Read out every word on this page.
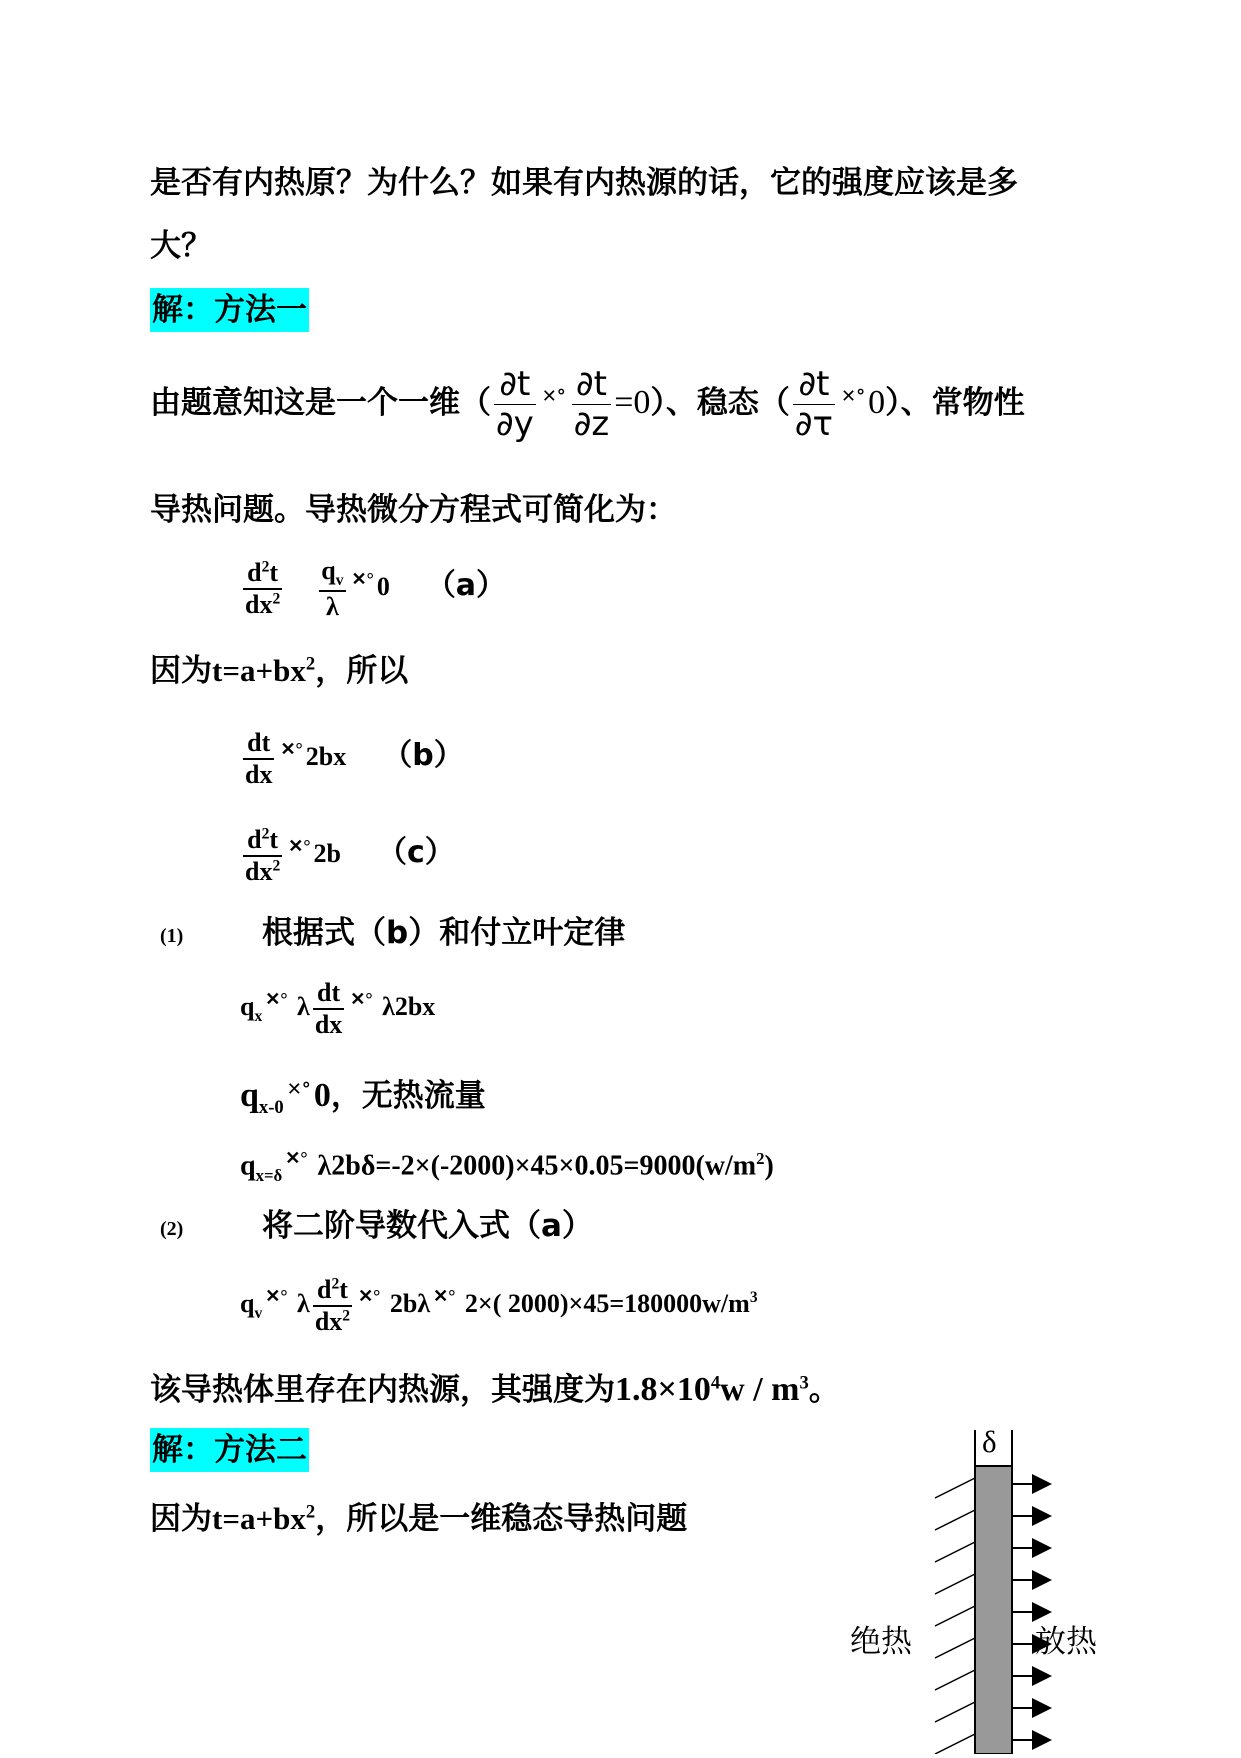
是否有内热原？为什么？如果有内热源的话，它的强度应该是多
大？
解：方法一
由题意知这是一个一维（ $\frac{\partial t}{\partial y} ^{✕^\circ} \frac{\partial t}{\partial z} =0$）、稳态（ $\frac{\partial t}{\partial\tau} ^{✕^\circ}0$）、常物性
导热问题。导热微分方程式可简化为：
$\frac{d^2t}{dx^2}$
$\frac{q_v}{\lambda} ^{✕^\circ}$ 0 （a）
因为$t=a+bx^2$，所以
$\frac{dt}{dx} ^{✕^\circ}$ 2bx （b）
$\frac{d^2t}{dx^2} ^{✕^\circ}$ 2b （c）
(1)	根据式（b）和付立叶定律
$q_x^{✕^\circ}$ λ $\frac{dt}{dx} ^{✕^\circ}$ λ2bx
$q_{x-0}^{✕^\circ}0$，无热流量
$q_{x=\delta}^{✕^\circ}$ $\lambda 2b\delta=-2\times(-2000)\times 45\times 0.05=9000(w/m^2)$
(2)	将二阶导数代入式（a）
$q_v^{✕^\circ}$ λ $\frac{d^2t}{dx^2} ^{✕^\circ}$ 2bλ ✕° 2×( $2000)\times 45=180000w/m^3$
该导热体里存在内热源，其强度为$1.8\times 10^4w / m^3$。
解：方法二
因为$t=a+bx^2$，所以是一维稳态导热问题
δ
绝热	放热
